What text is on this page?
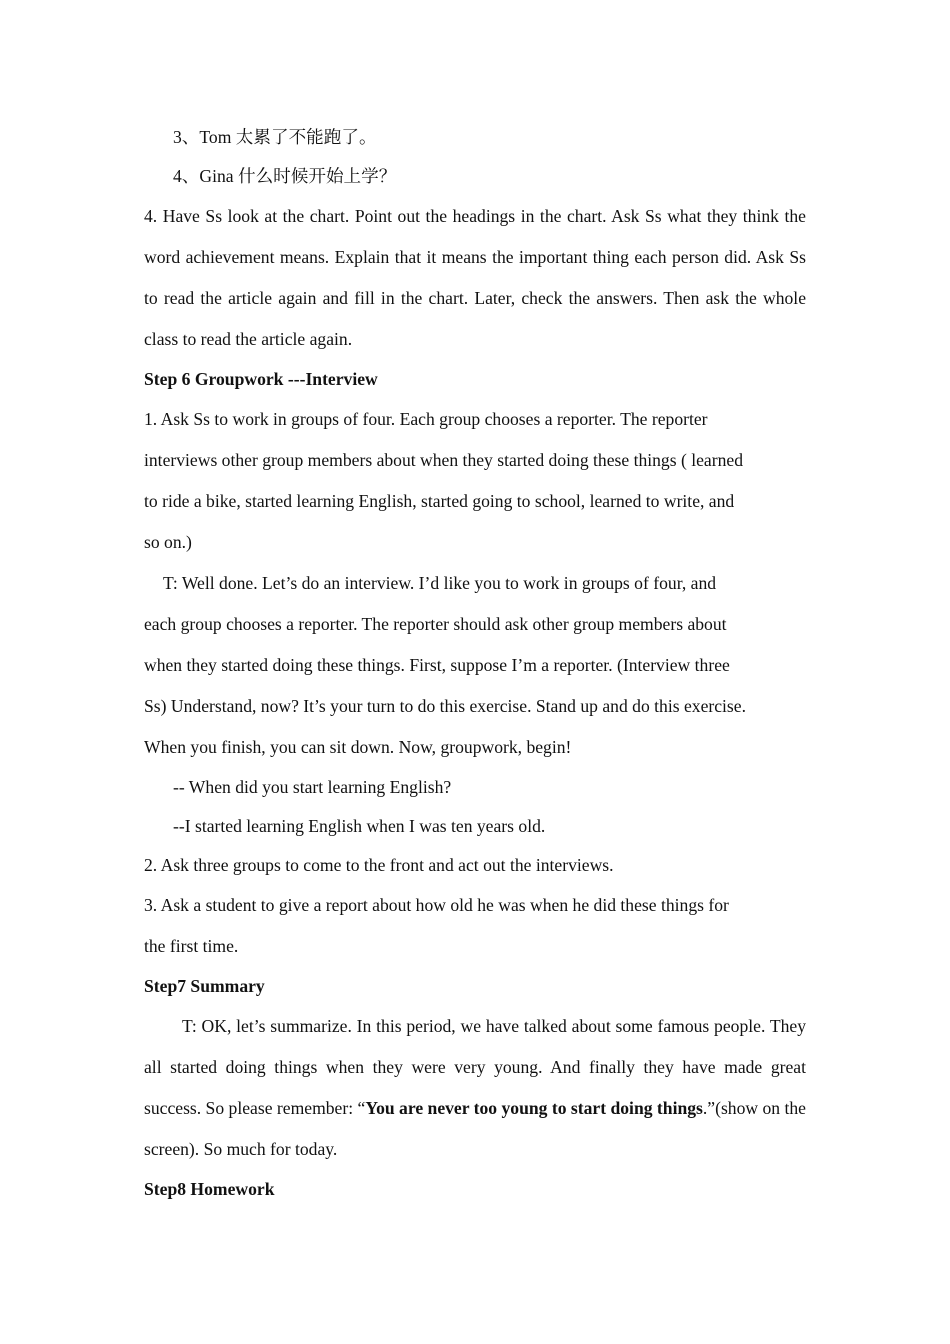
3、Tom 太累了不能跑了。

4、Gina 什么时候开始上学？

4. Have Ss look at the chart. Point out the headings in the chart. Ask Ss what they think the word achievement means. Explain that it means the important thing each person did. Ask Ss to read the article again and fill in the chart. Later, check the answers. Then ask the whole class to read the article again.

Step 6 Groupwork ---Interview

1. Ask Ss to work in groups of four. Each group chooses a reporter. The reporter

interviews other group members about when they started doing these things ( learned

to ride a bike, started learning English, started going to school, learned to write, and

so on.)

T: Well done. Let’s do an interview. I’d like you to work in groups of four, and

each group chooses a reporter. The reporter should ask other group members about

when they started doing these things. First, suppose I’m a reporter. (Interview three

Ss) Understand, now? It’s your turn to do this exercise. Stand up and do this exercise.

When you finish, you can sit down. Now, groupwork, begin!

-- When did you start learning English?

--I started learning English when I was ten years old.

2. Ask three groups to come to the front and act out the interviews.

3. Ask a student to give a report about how old he was when he did these things for

the first time.

Step7 Summary

T: OK, let’s summarize. In this period, we have talked about some famous people. They all started doing things when they were very young. And finally they have made great success. So please remember: “You are never too young to start doing things.”(show on the screen). So much for today.

Step8 Homework
